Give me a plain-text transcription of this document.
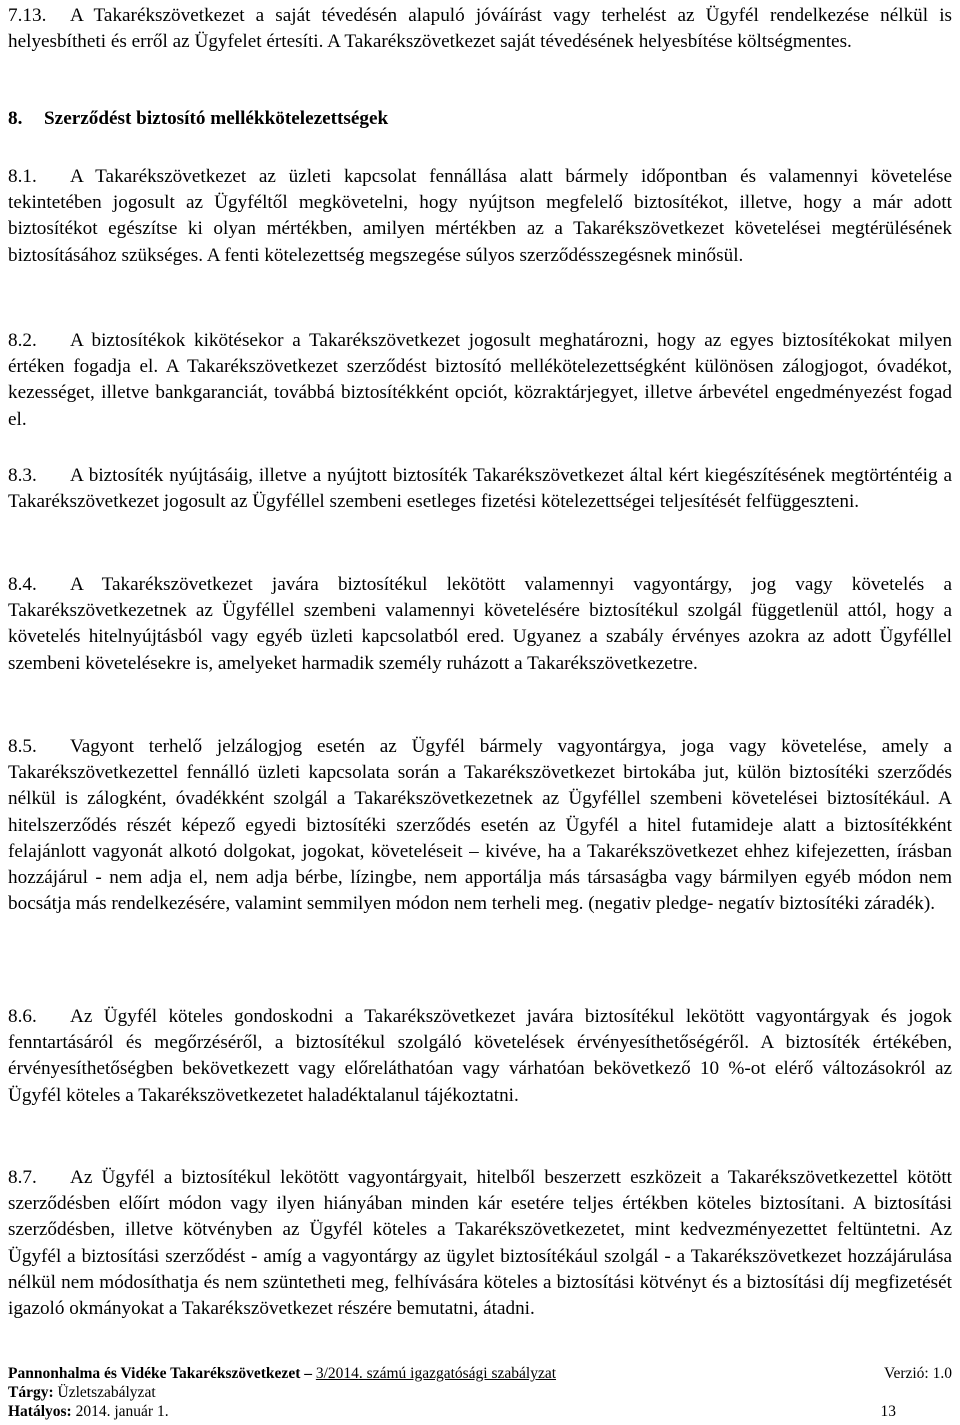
7.13. A Takarékszövetkezet a saját tévedésén alapuló jóváírást vagy terhelést az Ügyfél rendelkezése nélkül is helyesbítheti és erről az Ügyfelet értesíti. A Takarékszövetkezet saját tévedésének helyesbítése költségmentes.

8. Szerződést biztosító mellékkötelezettségek

8.1. A Takarékszövetkezet az üzleti kapcsolat fennállása alatt bármely időpontban és valamennyi követelése tekintetében jogosult az Ügyféltől megkövetelni, hogy nyújtson megfelelő biztosítékot, illetve, hogy a már adott biztosítékot egészítse ki olyan mértékben, amilyen mértékben az a Takarékszövetkezet követelései megtérülésének biztosításához szükséges. A fenti kötelezettség megszegése súlyos szerződésszegésnek minősül.

8.2. A biztosítékok kikötésekor a Takarékszövetkezet jogosult meghatározni, hogy az egyes biztosítékokat milyen értéken fogadja el. A Takarékszövetkezet szerződést biztosító mellékötelezettségként különösen zálogjogot, óvadékot, kezességet, illetve bankgaranciát, továbbá biztosítékként opciót, közraktárjegyet, illetve árbevétel engedményezést fogad el.

8.3. A biztosíték nyújtásáig, illetve a nyújtott biztosíték Takarékszövetkezet által kért kiegészítésének megtörténtéig a Takarékszövetkezet jogosult az Ügyféllel szembeni esetleges fizetési kötelezettségei teljesítését felfüggeszteni.

8.4. A Takarékszövetkezet javára biztosítékul lekötött valamennyi vagyontárgy, jog vagy követelés a Takarékszövetkezetnek az Ügyféllel szembeni valamennyi követelésére biztosítékul szolgál függetlenül attól, hogy a követelés hitelnyújtásból vagy egyéb üzleti kapcsolatból ered. Ugyanez a szabály érvényes azokra az adott Ügyféllel szembeni követelésekre is, amelyeket harmadik személy ruházott a Takarékszövetkezetre.

8.5. Vagyont terhelő jelzálogjog esetén az Ügyfél bármely vagyontárgya, joga vagy követelése, amely a Takarékszövetkezettel fennálló üzleti kapcsolata során a Takarékszövetkezet birtokába jut, külön biztosítéki szerződés nélkül is zálogként, óvadékként szolgál a Takarékszövetkezetnek az Ügyféllel szembeni követelései biztosítékául. A hitelszerződés részét képező egyedi biztosítéki szerződés esetén az Ügyfél a hitel futamideje alatt a biztosítékként felajánlott vagyonát alkotó dolgokat, jogokat, követeléseit – kivéve, ha a Takarékszövetkezet ehhez kifejezetten, írásban hozzájárul - nem adja el, nem adja bérbe, lízingbe, nem apportálja más társaságba vagy bármilyen egyéb módon nem bocsátja más rendelkezésére, valamint semmilyen módon nem terheli meg. (negativ pledge- negatív biztosítéki záradék).

8.6. Az Ügyfél köteles gondoskodni a Takarékszövetkezet javára biztosítékul lekötött vagyontárgyak és jogok fenntartásáról és megőrzéséről, a biztosítékul szolgáló követelések érvényesíthetőségéről. A biztosíték értékében, érvényesíthetőségben bekövetkezett vagy előreláthatóan vagy várhatóan bekövetkező 10 %-ot elérő változásokról az Ügyfél köteles a Takarékszövetkezetet haladéktalanul tájékoztatni.

8.7. Az Ügyfél a biztosítékul lekötött vagyontárgyait, hitelből beszerzett eszközeit a Takarékszövetkezettel kötött szerződésben előírt módon vagy ilyen hiányában minden kár esetére teljes értékben köteles biztosítani. A biztosítási szerződésben, illetve kötvényben az Ügyfél köteles a Takarékszövetkezetet, mint kedvezményezettet feltüntetni. Az Ügyfél a biztosítási szerződést - amíg a vagyontárgy az ügylet biztosítékául szolgál - a Takarékszövetkezet hozzájárulása nélkül nem módosíthatja és nem szüntetheti meg, felhívására köteles a biztosítási kötvényt és a biztosítási díj megfizetését igazoló okmányokat a Takarékszövetkezet részére bemutatni, átadni.

Pannonhalma és Vidéke Takarékszövetkezet – 3/2014. számú igazgatósági szabályzat	Verzió: 1.0
Tárgy: Üzletszabályzat
Hatályos: 2014. január 1.	13
